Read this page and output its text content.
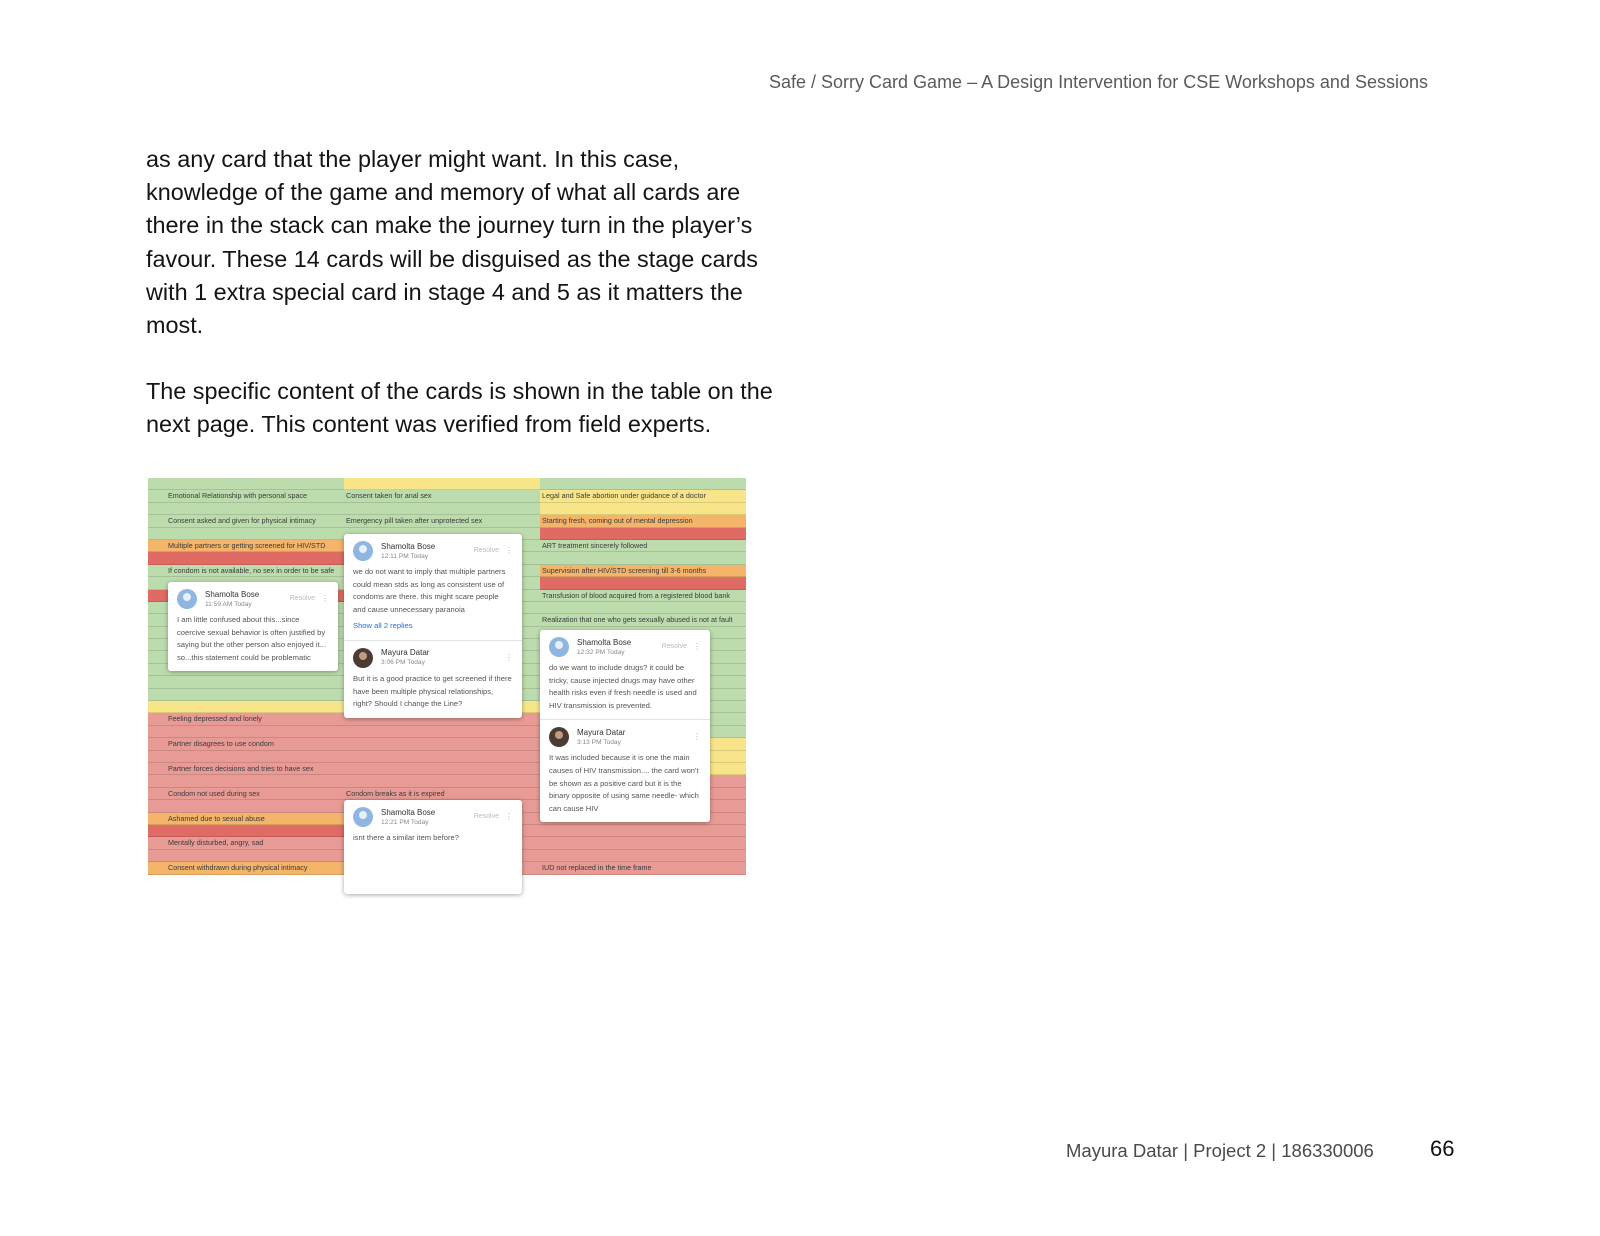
Safe / Sorry Card Game – A Design Intervention for CSE Workshops and Sessions

as any card that the player might want. In this case, knowledge of the game and memory of what all cards are there in the stack can make the journey turn in the player’s favour. These 14 cards will be disguised as the stage cards with 1 extra special card in stage 4 and 5 as it matters the most.

The specific content of the cards is shown in the table on the next page. This content was verified from field experts.

Emotional Relationship with personal space
Consent asked and given for physical intimacy
Multiple partners or getting screened for HIV/STD
If condom is not available, no sex in order to be safe
Feeling depressed and lonely
Partner disagrees to use condom
Partner forces decisions and tries to have sex
Condom not used during sex
Ashamed due to sexual abuse
Mentally disturbed, angry, sad
Consent withdrawn during physical intimacy
Consent taken for anal sex
Emergency pill taken after unprotected sex
Condom breaks as it is expired
Legal and Safe abortion under guidance of a doctor
Starting fresh, coming out of mental depression
ART treatment sincerely followed
Supervision after HIV/STD screening till 3-6 months
Transfusion of blood acquired from a registered blood bank
Realization that one who gets sexually abused is not at fault
IUD not replaced in the time frame
Shamolta Bose
11:59 AM Today
Resolve ⋮
I am little confused about this...since coercive sexual behavior is often justified by saying but the other person also enjoyed it... so...this statement could be problematic
Shamolta Bose
12:11 PM Today
Resolve ⋮
we do not want to imply that multiple partners could mean stds as long as consistent use of condoms are there. this might scare people and cause unnecessary paranoia
Show all 2 replies
Mayura Datar
3:06 PM Today
⋮
But it is a good practice to get screened if there have been multiple physical relationships, right? Should I change the Line?
Shamolta Bose
12:32 PM Today
Resolve ⋮
do we want to include drugs? it could be tricky, cause injected drugs may have other health risks even if fresh needle is used and HIV transmission is prevented.
Mayura Datar
3:13 PM Today
⋮
It was included because it is one the main causes of HIV transmission.... the card won't be shown as a positive card but it is the binary opposite of using same needle- which can cause HIV
Shamolta Bose
12:21 PM Today
Resolve ⋮
isnt there a similar item before?
Mayura Datar | Project 2 | 186330006	66
